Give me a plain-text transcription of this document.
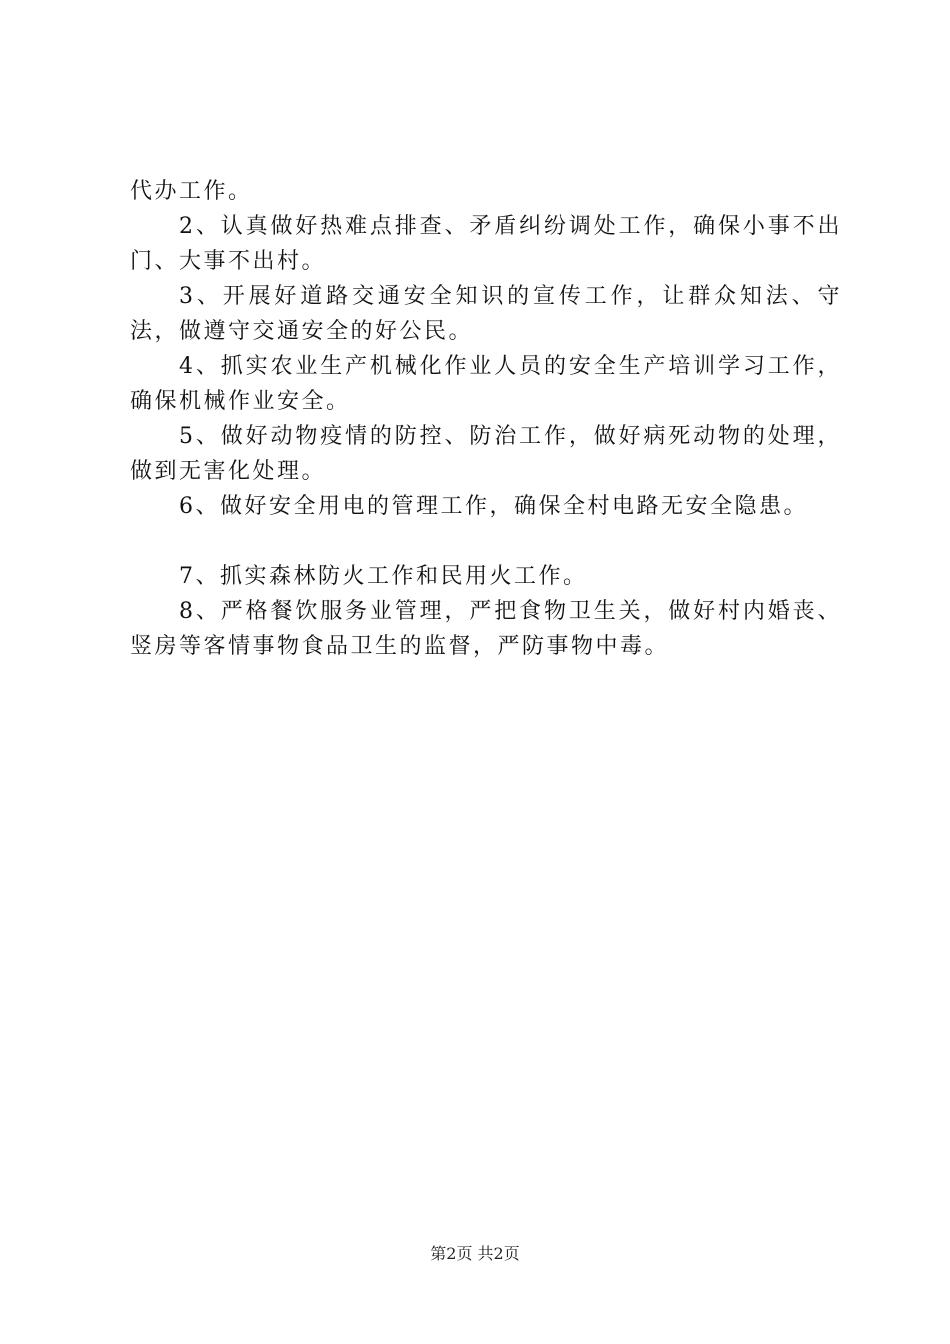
代办工作。

2、认真做好热难点排查、矛盾纠纷调处工作，确保小事不出门、大事不出村。

3、开展好道路交通安全知识的宣传工作，让群众知法、守法，做遵守交通安全的好公民。

4、抓实农业生产机械化作业人员的安全生产培训学习工作，确保机械作业安全。

5、做好动物疫情的防控、防治工作，做好病死动物的处理，做到无害化处理。

6、做好安全用电的管理工作，确保全村电路无安全隐患。

7、抓实森林防火工作和民用火工作。

8、严格餐饮服务业管理，严把食物卫生关，做好村内婚丧、竖房等客情事物食品卫生的监督，严防事物中毒。

第2页 共2页
